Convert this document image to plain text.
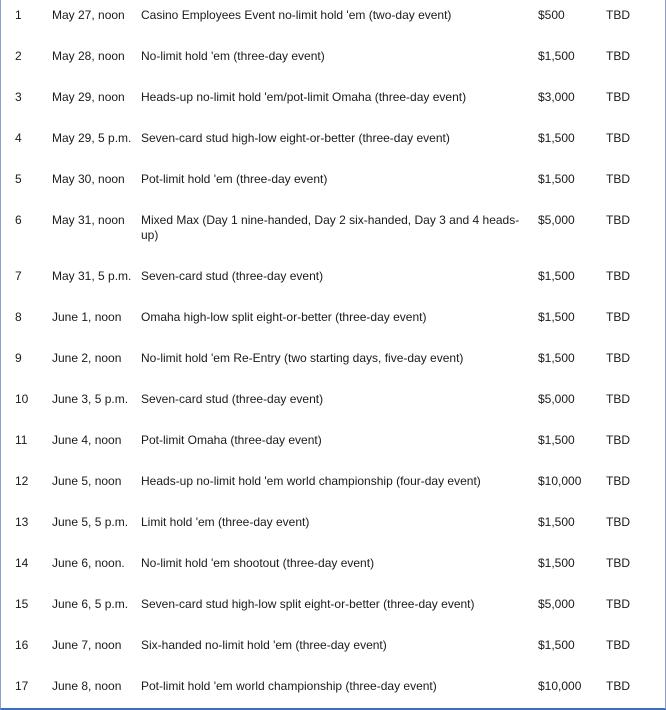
1	May 27, noon	Casino Employees Event no-limit hold 'em (two-day event)	$500	TBD
2	May 28, noon	No-limit hold 'em (three-day event)	$1,500	TBD
3	May 29, noon	Heads-up no-limit hold 'em/pot-limit Omaha (three-day event)	$3,000	TBD
4	May 29, 5 p.m.	Seven-card stud high-low eight-or-better (three-day event)	$1,500	TBD
5	May 30, noon	Pot-limit hold 'em (three-day event)	$1,500	TBD
6	May 31, noon	Mixed Max (Day 1 nine-handed, Day 2 six-handed, Day 3 and 4 heads-up)	$5,000	TBD
7	May 31, 5 p.m.	Seven-card stud (three-day event)	$1,500	TBD
8	June 1, noon	Omaha high-low split eight-or-better (three-day event)	$1,500	TBD
9	June 2, noon	No-limit hold 'em Re-Entry (two starting days, five-day event)	$1,500	TBD
10	June 3, 5 p.m.	Seven-card stud (three-day event)	$5,000	TBD
11	June 4, noon	Pot-limit Omaha (three-day event)	$1,500	TBD
12	June 5, noon	Heads-up no-limit hold 'em world championship (four-day event)	$10,000	TBD
13	June 5, 5 p.m.	Limit hold 'em (three-day event)	$1,500	TBD
14	June 6, noon.	No-limit hold 'em shootout (three-day event)	$1,500	TBD
15	June 6, 5 p.m.	Seven-card stud high-low split eight-or-better (three-day event)	$5,000	TBD
16	June 7, noon	Six-handed no-limit hold 'em (three-day event)	$1,500	TBD
17	June 8, noon	Pot-limit hold 'em world championship (three-day event)	$10,000	TBD
